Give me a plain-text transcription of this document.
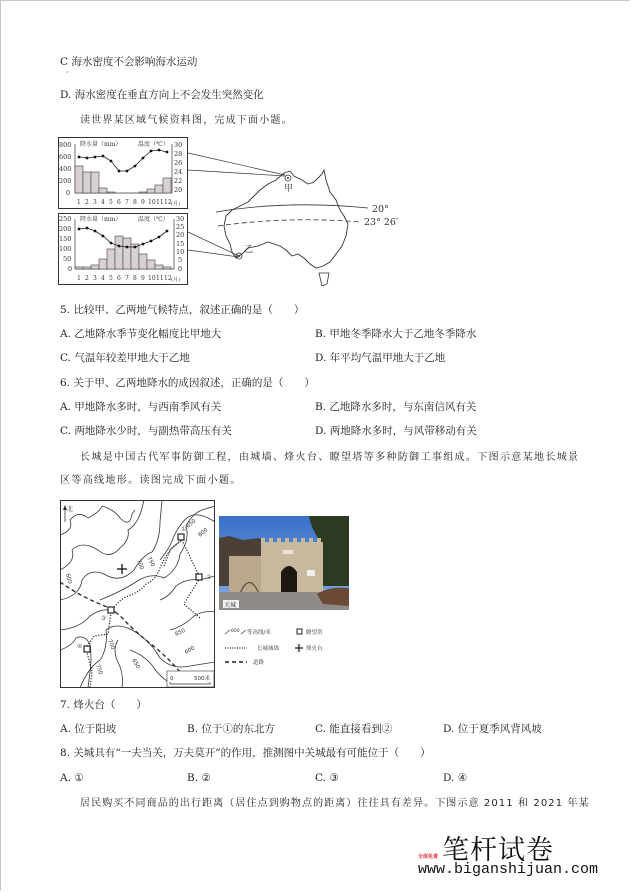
C 海水密度不会影响海水运动
·
D. 海水密度在垂直方向上不会发生突然变化
读世界某区域气候资料图，完成下面小题。
800
600
400
200
0
30
28
26
24
22
20
降水量（mm）	温度（℃）
1 2 3 4 5 6 7 8 9 10 11 12 (月)
250
200
150
100
50
0
30
25
20
15
10
5
0
降水量（mm）	温度（℃）
1 2 3 4 5 6 7 8 9 10 11 12 (月)
甲
乙
20°
23° 26′
5. 比较甲、乙两地气候特点，叙述正确的是（　　）
A. 乙地降水季节变化幅度比甲地大	B. 甲地冬季降水大于乙地冬季降水
C. 气温年较差甲地大于乙地	D. 年平均气温甲地大于乙地
6. 关于甲、乙两地降水的成因叙述，正确的是（　　）
A. 甲地降水多时，与西南季风有关	B. 乙地降水多时，与东南信风有关
C. 两地降水少时，与副热带高压有关	D. 两地降水多时，与风带移动有关
长城是中国古代军事防御工程，由城墙、烽火台、瞭望塔等多种防御工事组成。下图示意某地长城景
区等高线地形。读图完成下面小题。
北
①
②
③
④
600
650
700 750
800
650
700
650
600
750
0	500米
关城
600 等高线/米	瞭望塔
长城城墙	烽火台
道路
7. 烽火台（　　）
A. 位于阳坡	B. 位于①的东北方	C. 能直接看到②	D. 位于夏季风背风坡
8. 关城具有“一夫当关，万夫莫开”的作用，推测图中关城最有可能位于（　　）
A. ①	B. ②	C. ③	D. ④
居民购买不同商品的出行距离（居住点到购物点的距离）往往具有差异。下图示意 2011 和 2021 年某
笔杆试卷
全部免费
www.biganshijuan.com
